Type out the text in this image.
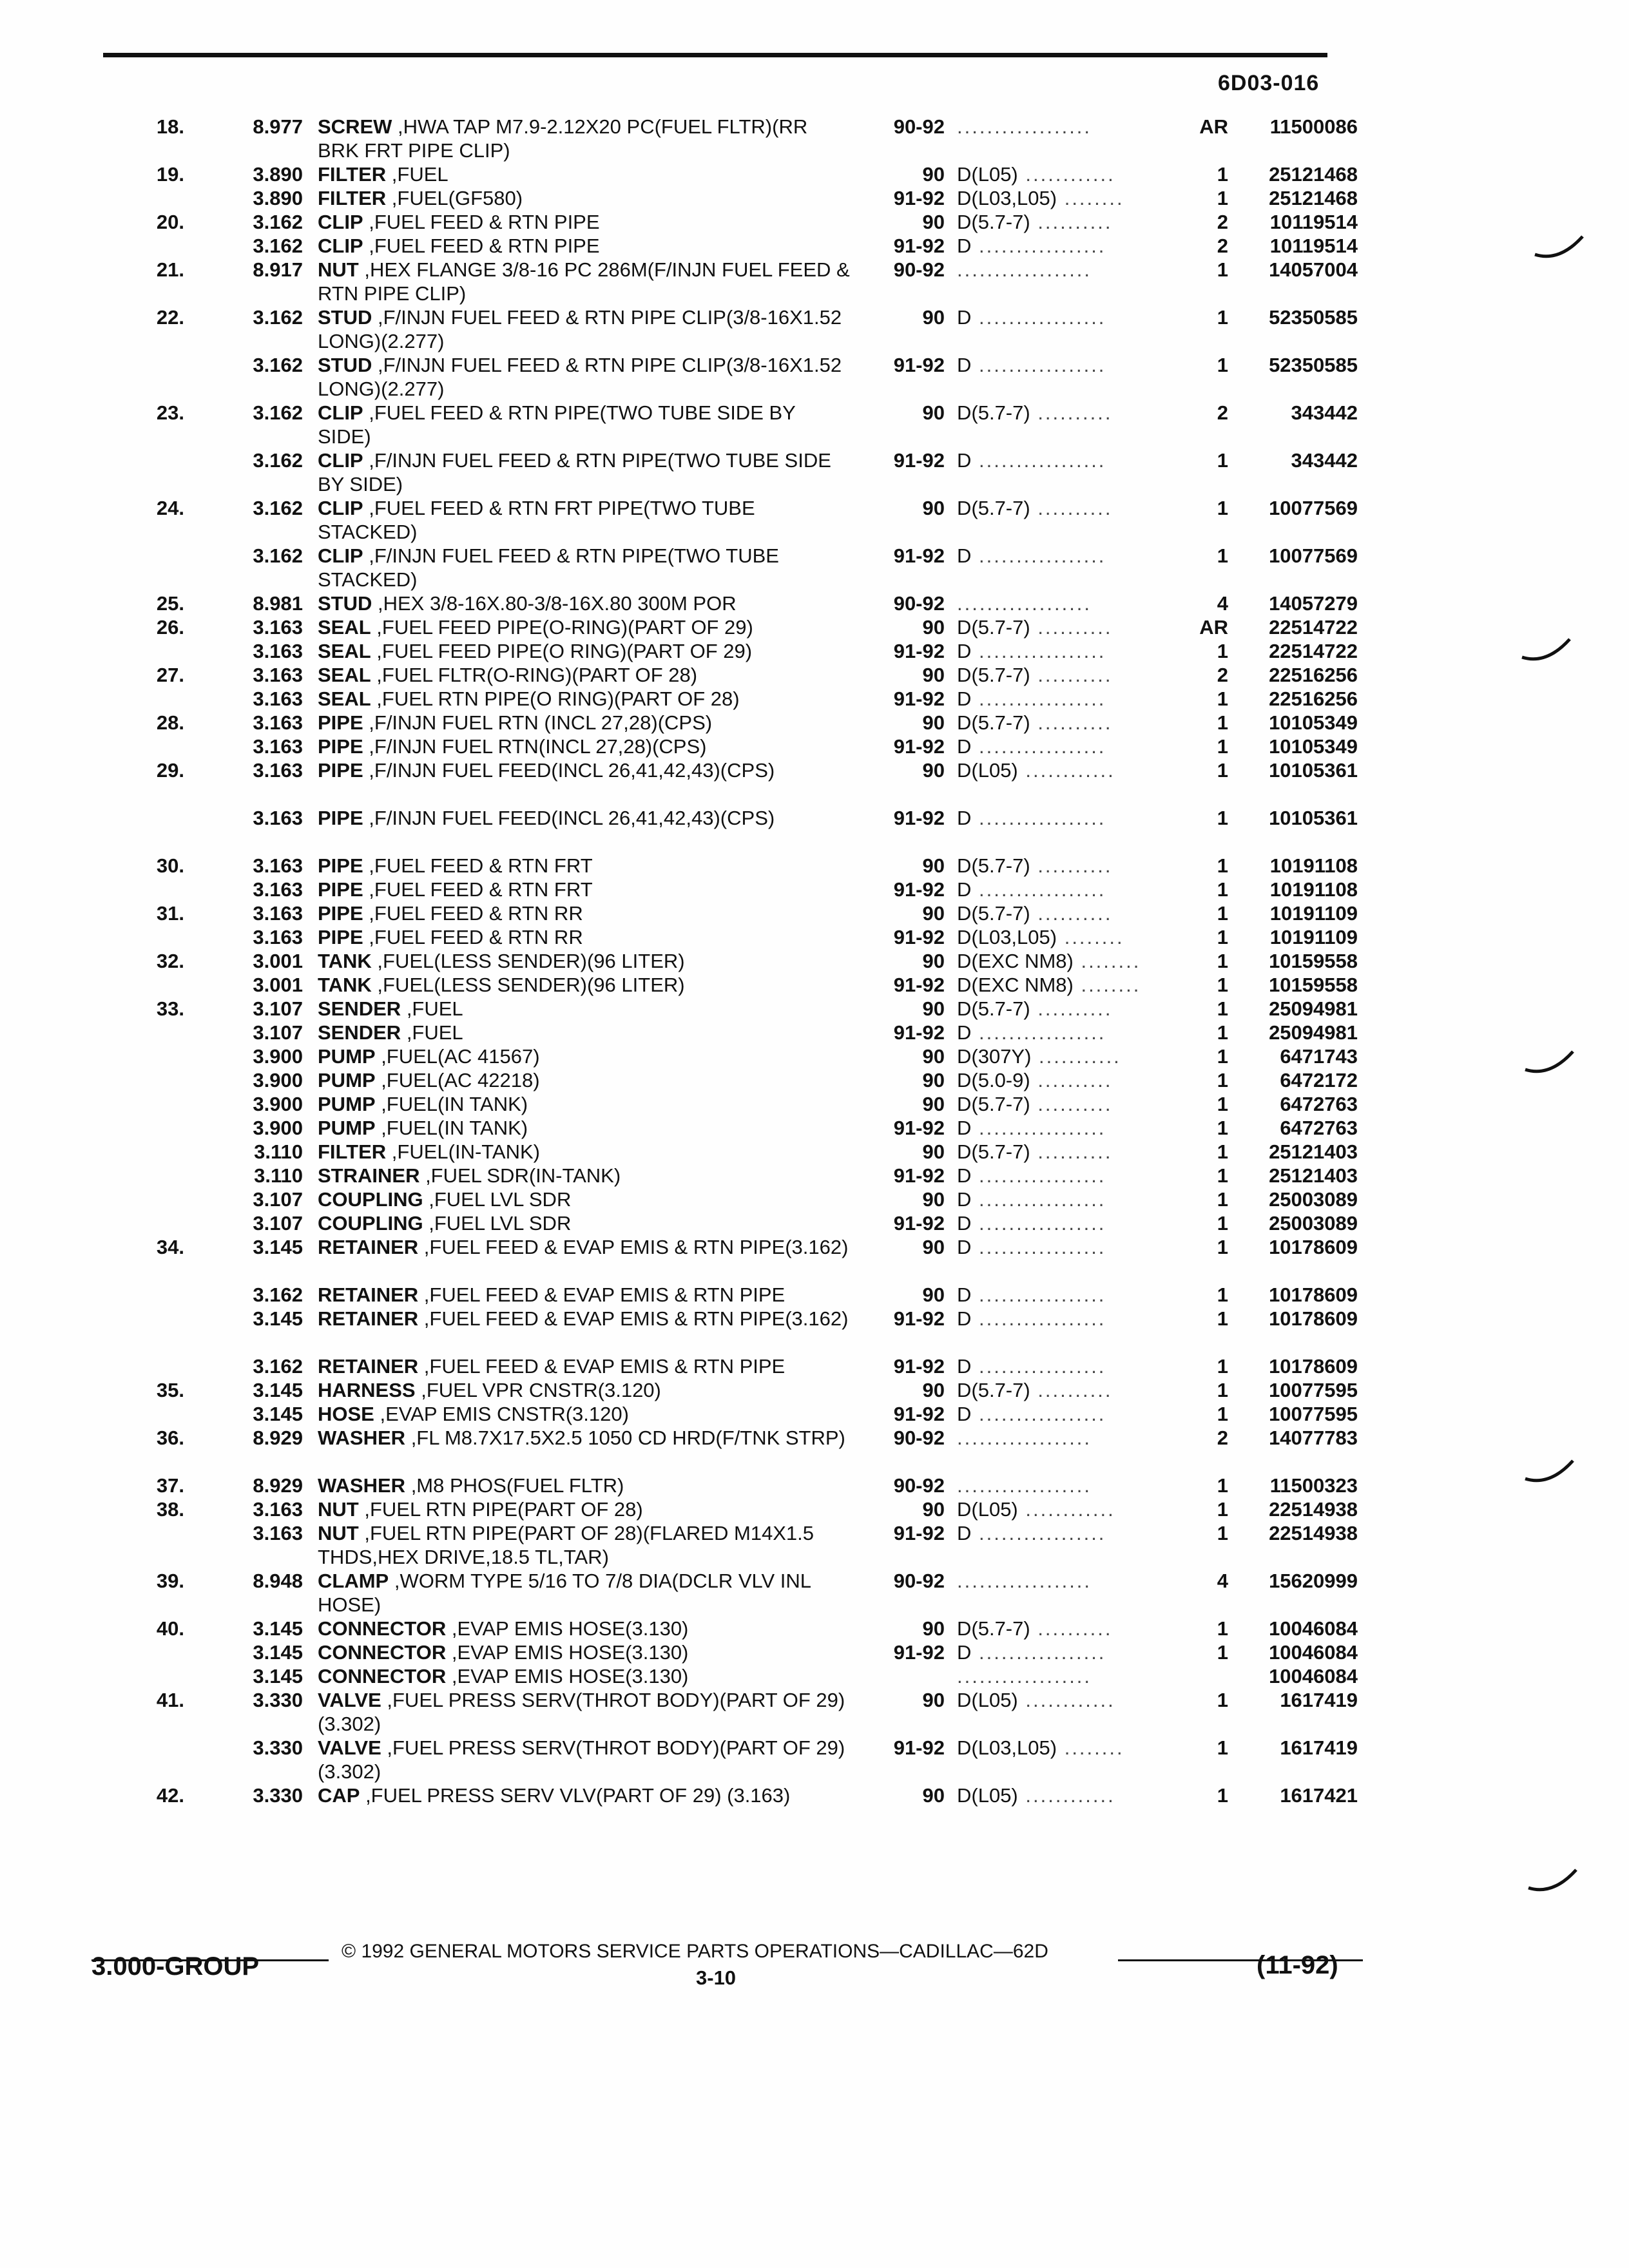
6D03-016
18.	8.977 SCREW ,HWA TAP M7.9-2.12X20 PC(FUEL FLTR)(RR BRK FRT PIPE CLIP)
90-92 ..................	AR	11500086
19.	3.890 FILTER ,FUEL	90 D(L05) ............	1	25121468
3.890 FILTER ,FUEL(GF580)	91-92 D(L03,L05) ........	1	25121468
20.	3.162 CLIP ,FUEL FEED & RTN PIPE	90 D(5.7-7) ..........	2	10119514
3.162 CLIP ,FUEL FEED & RTN PIPE	91-92 D .................	2	10119514
21.	8.917 NUT ,HEX FLANGE 3/8-16 PC 286M(F/INJN FUEL FEED & RTN PIPE CLIP)
90-92 ..................	1	14057004
22.	3.162 STUD ,F/INJN FUEL FEED & RTN PIPE CLIP(3/8-16X1.52 LONG)(2.277)
90 D .................	1	52350585
3.162 STUD ,F/INJN FUEL FEED & RTN PIPE CLIP(3/8-16X1.52 LONG)(2.277)
91-92 D .................	1	52350585
23.	3.162 CLIP ,FUEL FEED & RTN PIPE(TWO TUBE SIDE BY SIDE)
90 D(5.7-7) ..........	2	343442
3.162 CLIP ,F/INJN FUEL FEED & RTN PIPE(TWO TUBE SIDE BY SIDE)
91-92 D .................	1	343442
24.	3.162 CLIP ,FUEL FEED & RTN FRT PIPE(TWO TUBE STACKED)
90 D(5.7-7) ..........	1	10077569
3.162 CLIP ,F/INJN FUEL FEED & RTN PIPE(TWO TUBE STACKED)
91-92 D .................	1	10077569
25.	8.981 STUD ,HEX 3/8-16X.80-3/8-16X.80 300M POR	90-92 ..................	4	14057279
26.	3.163 SEAL ,FUEL FEED PIPE(O-RING)(PART OF 29)	90 D(5.7-7) ..........	AR	22514722
3.163 SEAL ,FUEL FEED PIPE(O RING)(PART OF 29)	91-92 D .................	1	22514722
27.	3.163 SEAL ,FUEL FLTR(O-RING)(PART OF 28)	90 D(5.7-7) ..........	2	22516256
3.163 SEAL ,FUEL RTN PIPE(O RING)(PART OF 28)	91-92 D .................	1	22516256
28.	3.163 PIPE ,F/INJN FUEL RTN (INCL 27,28)(CPS)	90 D(5.7-7) ..........	1	10105349
3.163 PIPE ,F/INJN FUEL RTN(INCL 27,28)(CPS)	91-92 D .................	1	10105349
29.	3.163 PIPE ,F/INJN FUEL FEED(INCL 26,41,42,43)(CPS)	90 D(L05) ............	1	10105361
3.163 PIPE ,F/INJN FUEL FEED(INCL 26,41,42,43)(CPS)	91-92 D .................	1	10105361
30.	3.163 PIPE ,FUEL FEED & RTN FRT	90 D(5.7-7) ..........	1	10191108
3.163 PIPE ,FUEL FEED & RTN FRT	91-92 D .................	1	10191108
31.	3.163 PIPE ,FUEL FEED & RTN RR	90 D(5.7-7) ..........	1	10191109
3.163 PIPE ,FUEL FEED & RTN RR	91-92 D(L03,L05) ........	1	10191109
32.	3.001 TANK ,FUEL(LESS SENDER)(96 LITER)	90 D(EXC NM8) ........	1	10159558
3.001 TANK ,FUEL(LESS SENDER)(96 LITER)	91-92 D(EXC NM8) ........	1	10159558
33.	3.107 SENDER ,FUEL	90 D(5.7-7) ..........	1	25094981
3.107 SENDER ,FUEL	91-92 D .................	1	25094981
3.900 PUMP ,FUEL(AC 41567)	90 D(307Y) ...........	1	6471743
3.900 PUMP ,FUEL(AC 42218)	90 D(5.0-9) ..........	1	6472172
3.900 PUMP ,FUEL(IN TANK)	90 D(5.7-7) ..........	1	6472763
3.900 PUMP ,FUEL(IN TANK)	91-92 D .................	1	6472763
3.110 FILTER ,FUEL(IN-TANK)	90 D(5.7-7) ..........	1	25121403
3.110 STRAINER ,FUEL SDR(IN-TANK)	91-92 D .................	1	25121403
3.107 COUPLING ,FUEL LVL SDR	90 D .................	1	25003089
3.107 COUPLING ,FUEL LVL SDR	91-92 D .................	1	25003089
34.	3.145 RETAINER ,FUEL FEED & EVAP EMIS & RTN PIPE(3.162)	90 D .................	1	10178609
3.162 RETAINER ,FUEL FEED & EVAP EMIS & RTN PIPE	90 D .................	1	10178609
3.145 RETAINER ,FUEL FEED & EVAP EMIS & RTN PIPE(3.162)	91-92 D .................	1	10178609
3.162 RETAINER ,FUEL FEED & EVAP EMIS & RTN PIPE	91-92 D .................	1	10178609
35.	3.145 HARNESS ,FUEL VPR CNSTR(3.120)	90 D(5.7-7) ..........	1	10077595
3.145 HOSE ,EVAP EMIS CNSTR(3.120)	91-92 D .................	1	10077595
36.	8.929 WASHER ,FL M8.7X17.5X2.5 1050 CD HRD(F/TNK STRP)	90-92 ..................	2	14077783
37.	8.929 WASHER ,M8 PHOS(FUEL FLTR)	90-92 ..................	1	11500323
38.	3.163 NUT ,FUEL RTN PIPE(PART OF 28)	90 D(L05) ............	1	22514938
3.163 NUT ,FUEL RTN PIPE(PART OF 28)(FLARED M14X1.5 THDS,HEX DRIVE,18.5 TL,TAR)
91-92 D .................	1	22514938
39.	8.948 CLAMP ,WORM TYPE 5/16 TO 7/8 DIA(DCLR VLV INL HOSE)
90-92 ..................	4	15620999
40.	3.145 CONNECTOR ,EVAP EMIS HOSE(3.130)	90 D(5.7-7) ..........	1	10046084
3.145 CONNECTOR ,EVAP EMIS HOSE(3.130)	91-92 D .................	1	10046084
3.145 CONNECTOR ,EVAP EMIS HOSE(3.130)	..................	10046084
41.	3.330 VALVE ,FUEL PRESS SERV(THROT BODY)(PART OF 29)(3.302)
90 D(L05) ............	1	1617419
3.330 VALVE ,FUEL PRESS SERV(THROT BODY)(PART OF 29)(3.302)
91-92 D(L03,L05) ........	1	1617419
42.	3.330 CAP ,FUEL PRESS SERV VLV(PART OF 29) (3.163)	90 D(L05) ............	1	1617421
3.000-GROUP
© 1992 GENERAL MOTORS SERVICE PARTS OPERATIONS—CADILLAC—62D
3-10	(11-92)
